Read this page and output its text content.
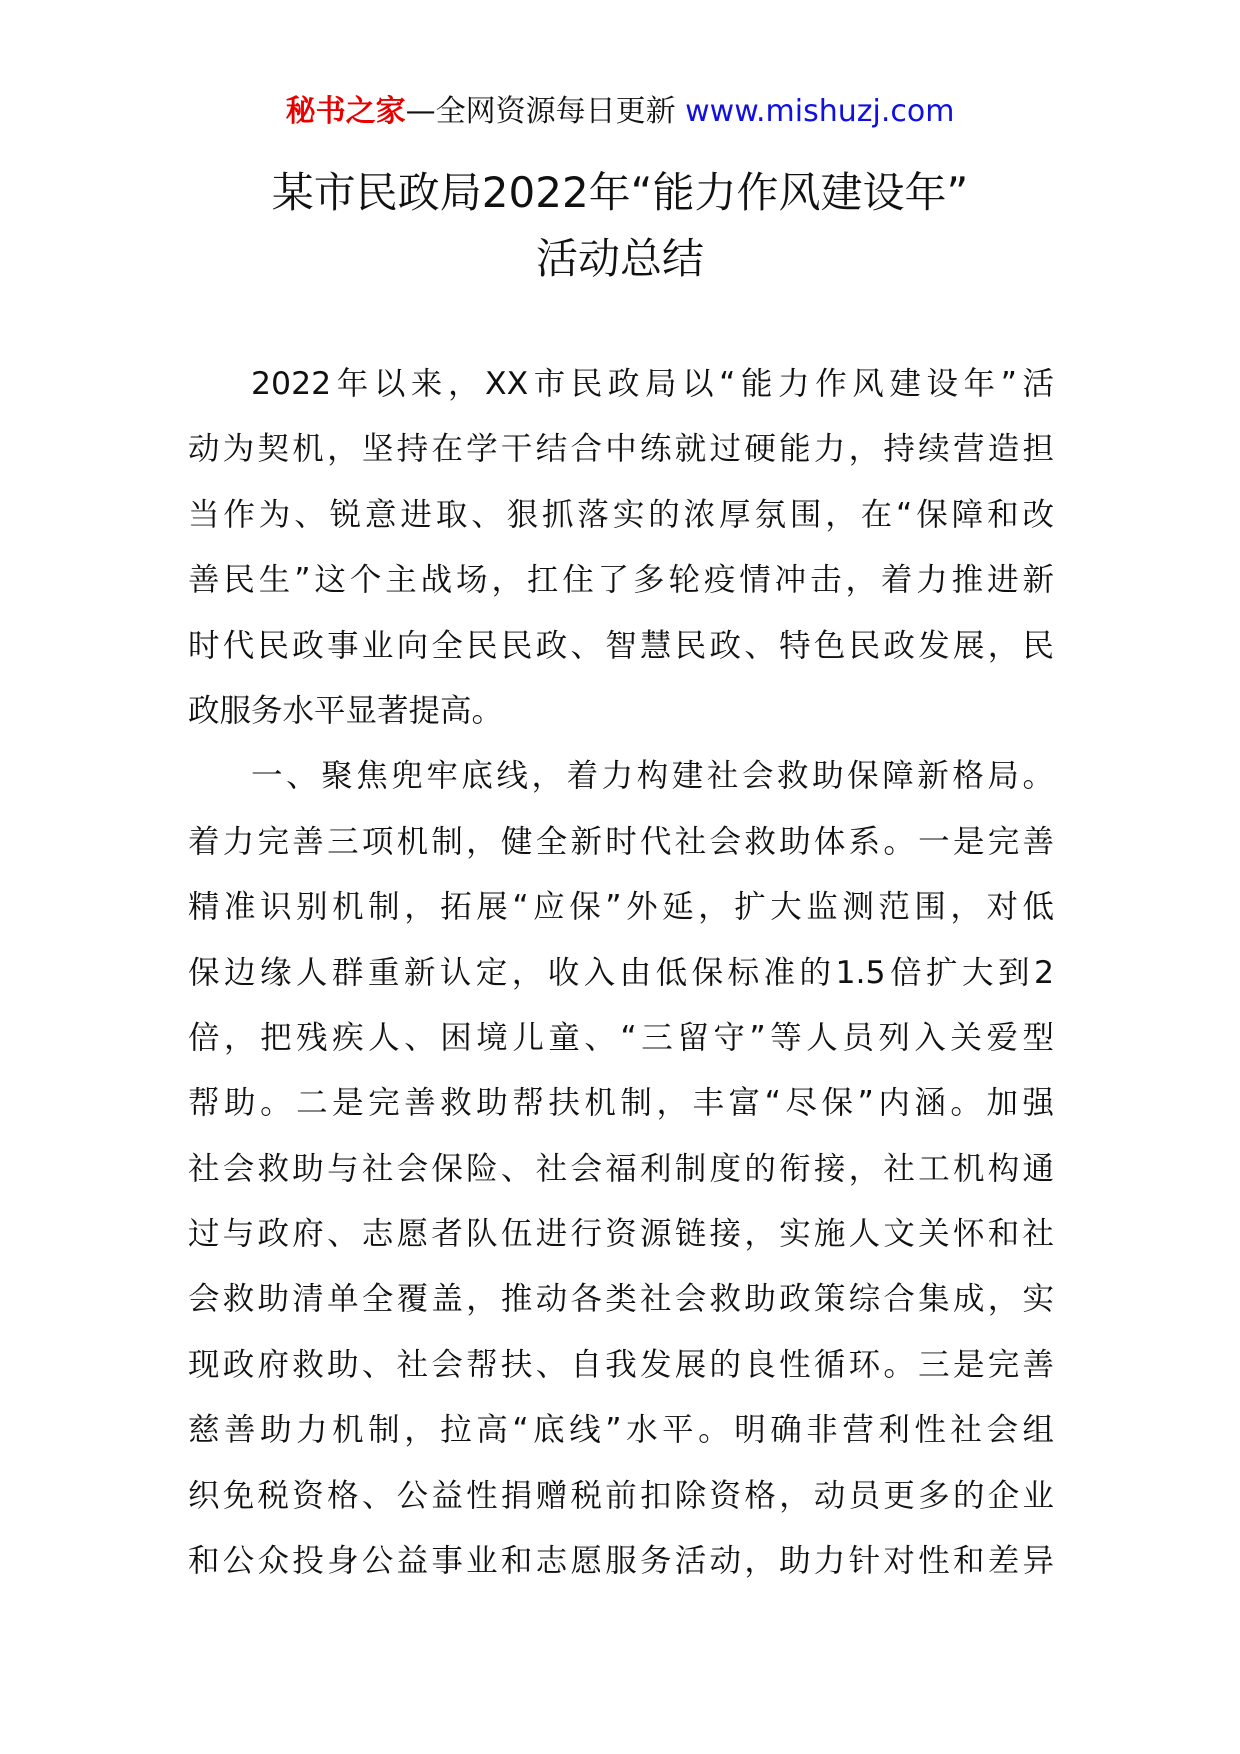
秘书之家—全网资源每日更新 www.mishuzj.com
某市民政局2022年“能力作风建设年”
活动总结
2022年以来，XX市民政局以“能力作风建设年”活
动为契机，坚持在学干结合中练就过硬能力，持续营造担
当作为、锐意进取、狠抓落实的浓厚氛围，在“保障和改
善民生”这个主战场，扛住了多轮疫情冲击，着力推进新
时代民政事业向全民民政、智慧民政、特色民政发展，民
政服务水平显著提高。
一、聚焦兜牢底线，着力构建社会救助保障新格局。
着力完善三项机制，健全新时代社会救助体系。一是完善
精准识别机制，拓展“应保”外延，扩大监测范围，对低
保边缘人群重新认定，收入由低保标准的1.5倍扩大到2
倍，把残疾人、困境儿童、“三留守”等人员列入关爱型
帮助。二是完善救助帮扶机制，丰富“尽保”内涵。加强
社会救助与社会保险、社会福利制度的衔接，社工机构通
过与政府、志愿者队伍进行资源链接，实施人文关怀和社
会救助清单全覆盖，推动各类社会救助政策综合集成，实
现政府救助、社会帮扶、自我发展的良性循环。三是完善
慈善助力机制，拉高“底线”水平。明确非营利性社会组
织免税资格、公益性捐赠税前扣除资格，动员更多的企业
和公众投身公益事业和志愿服务活动，助力针对性和差异
